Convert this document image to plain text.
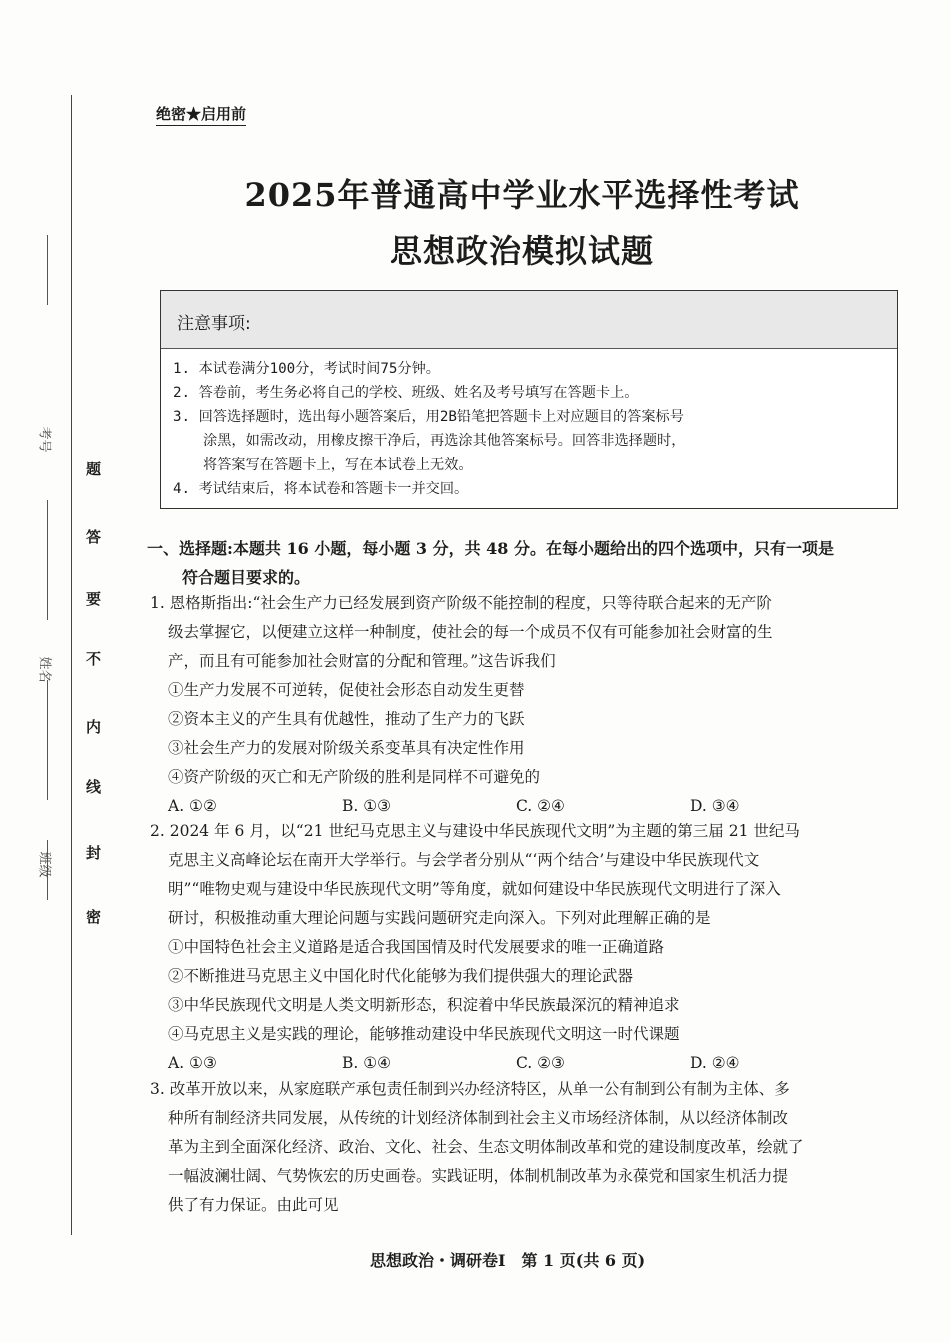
考号
姓名
班级
题
答
要
不
内
线
封
密
绝密★启用前
2025年普通高中学业水平选择性考试
思想政治模拟试题
注意事项:
1. 本试卷满分100分，考试时间75分钟。
2. 答卷前，考生务必将自己的学校、班级、姓名及考号填写在答题卡上。
3. 回答选择题时，选出每小题答案后，用2B铅笔把答题卡上对应题目的答案标号
涂黑，如需改动，用橡皮擦干净后，再选涂其他答案标号。回答非选择题时，
将答案写在答题卡上，写在本试卷上无效。
4. 考试结束后，将本试卷和答题卡一并交回。
一、选择题:本题共 16 小题，每小题 3 分，共 48 分。在每小题给出的四个选项中，只有一项是
符合题目要求的。

1. 恩格斯指出:“社会生产力已经发展到资产阶级不能控制的程度，只等待联合起来的无产阶

级去掌握它，以便建立这样一种制度，使社会的每一个成员不仅有可能参加社会财富的生

产，而且有可能参加社会财富的分配和管理。”这告诉我们

①生产力发展不可逆转，促使社会形态自动发生更替

②资本主义的产生具有优越性，推动了生产力的飞跃

③社会生产力的发展对阶级关系变革具有决定性作用

④资产阶级的灭亡和无产阶级的胜利是同样不可避免的

A. ①②	B. ①③	C. ②④	D. ③④

2. 2024 年 6 月，以“21 世纪马克思主义与建设中华民族现代文明”为主题的第三届 21 世纪马

克思主义高峰论坛在南开大学举行。与会学者分别从“‘两个结合’与建设中华民族现代文

明”“唯物史观与建设中华民族现代文明”等角度，就如何建设中华民族现代文明进行了深入

研讨，积极推动重大理论问题与实践问题研究走向深入。下列对此理解正确的是

①中国特色社会主义道路是适合我国国情及时代发展要求的唯一正确道路

②不断推进马克思主义中国化时代化能够为我们提供强大的理论武器

③中华民族现代文明是人类文明新形态，积淀着中华民族最深沉的精神追求

④马克思主义是实践的理论，能够推动建设中华民族现代文明这一时代课题

A. ①③	B. ①④	C. ②③	D. ②④

3. 改革开放以来，从家庭联产承包责任制到兴办经济特区，从单一公有制到公有制为主体、多

种所有制经济共同发展，从传统的计划经济体制到社会主义市场经济体制，从以经济体制改

革为主到全面深化经济、政治、文化、社会、生态文明体制改革和党的建设制度改革，绘就了

一幅波澜壮阔、气势恢宏的历史画卷。实践证明，体制机制改革为永葆党和国家生机活力提

供了有力保证。由此可见

思想政治・调研卷Ⅰ　第 1 页(共 6 页)
